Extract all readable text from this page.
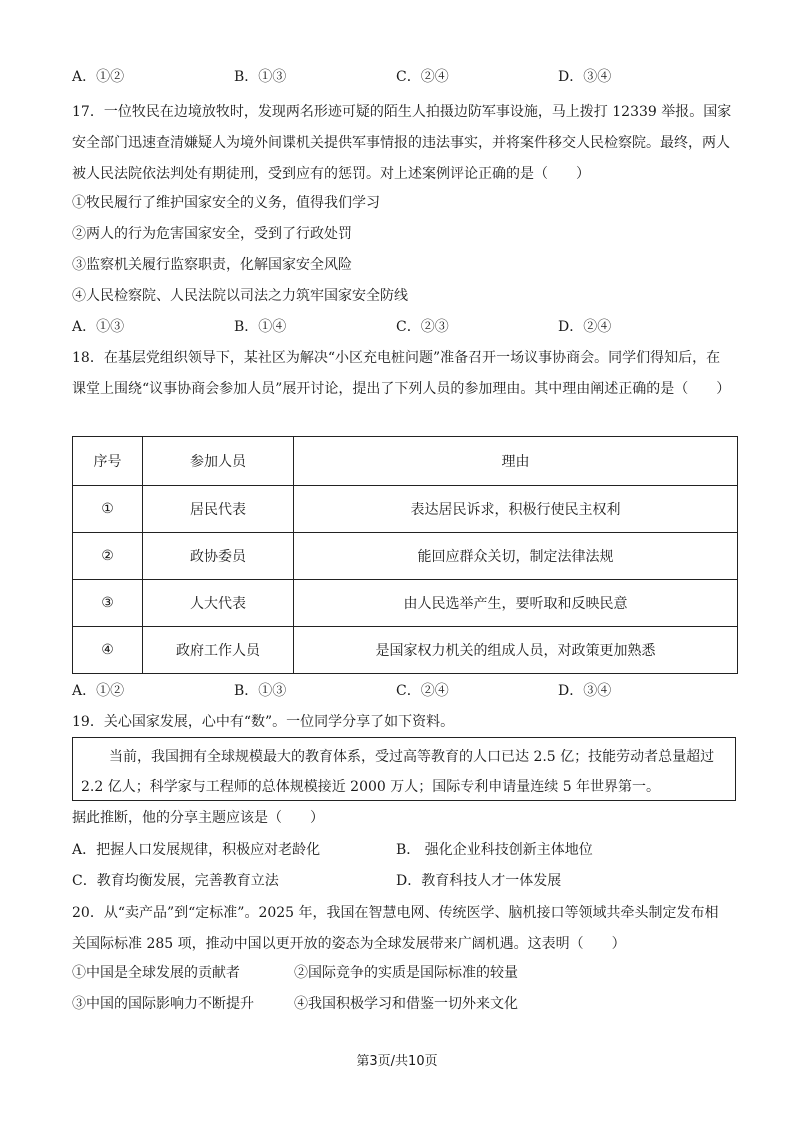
A．①②	B．①③	C．②④	D．③④
17．一位牧民在边境放牧时，发现两名形迹可疑的陌生人拍摄边防军事设施，马上拨打 12339 举报。国家安全部门迅速查清嫌疑人为境外间谍机关提供军事情报的违法事实，并将案件移交人民检察院。最终，两人被人民法院依法判处有期徒刑，受到应有的惩罚。对上述案例评论正确的是（　　）
①牧民履行了维护国家安全的义务，值得我们学习
②两人的行为危害国家安全，受到了行政处罚
③监察机关履行监察职责，化解国家安全风险
④人民检察院、人民法院以司法之力筑牢国家安全防线
A．①③	B．①④	C．②③	D．②④
18．在基层党组织领导下，某社区为解决“小区充电桩问题”准备召开一场议事协商会。同学们得知后，在课堂上围绕“议事协商会参加人员”展开讨论，提出了下列人员的参加理由。其中理由阐述正确的是（　　）
序号	参加人员	理由
①	居民代表	表达居民诉求，积极行使民主权利
②	政协委员	能回应群众关切，制定法律法规
③	人大代表	由人民选举产生，要听取和反映民意
④	政府工作人员	是国家权力机关的组成人员，对政策更加熟悉
A．①②	B．①③	C．②④	D．③④
19．关心国家发展，心中有“数”。一位同学分享了如下资料。
当前，我国拥有全球规模最大的教育体系，受过高等教育的人口已达 2.5 亿；技能劳动者总量超过 2.2 亿人；科学家与工程师的总体规模接近 2000 万人；国际专利申请量连续 5 年世界第一。
据此推断，他的分享主题应该是（　　）
A．把握人口发展规律，积极应对老龄化	B． 强化企业科技创新主体地位
C．教育均衡发展，完善教育立法	D．教育科技人才一体发展
20．从“卖产品”到“定标准”。2025 年，我国在智慧电网、传统医学、脑机接口等领域共牵头制定发布相关国际标准 285 项，推动中国以更开放的姿态为全球发展带来广阔机遇。这表明（　　）
①中国是全球发展的贡献者	②国际竞争的实质是国际标准的较量
③中国的国际影响力不断提升	④我国积极学习和借鉴一切外来文化
第3页/共10页
